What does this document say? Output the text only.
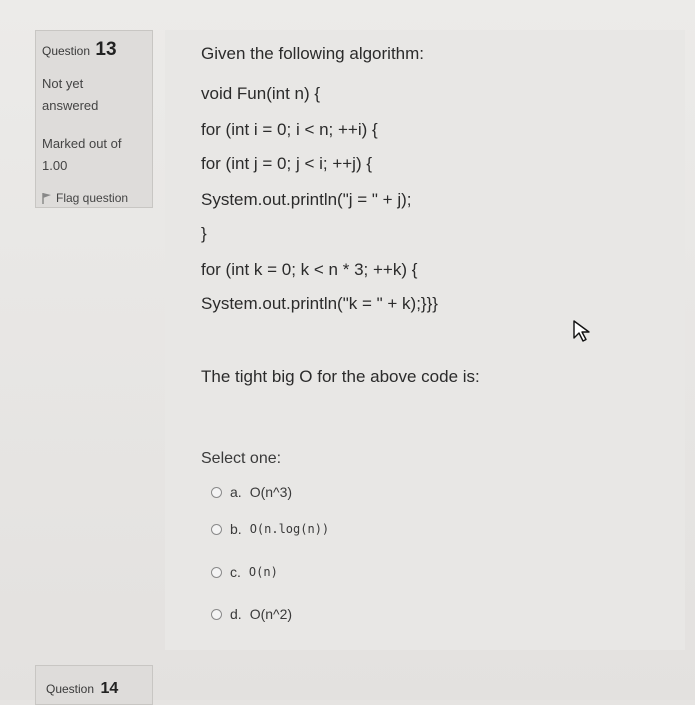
Question 13
Not yet answered
Marked out of 1.00
Flag question
Given the following algorithm:
void Fun(int n) {
for (int i = 0; i < n; ++i) {
for (int j = 0; j < i; ++j) {
System.out.println("j = " + j);
}
for (int k = 0; k < n * 3; ++k) {
System.out.println("k = " + k);}}}
The tight big O for the above code is:
Select one:
a. O(n^3)
b. O(n.log(n))
c. O(n)
d. O(n^2)
Question 14
